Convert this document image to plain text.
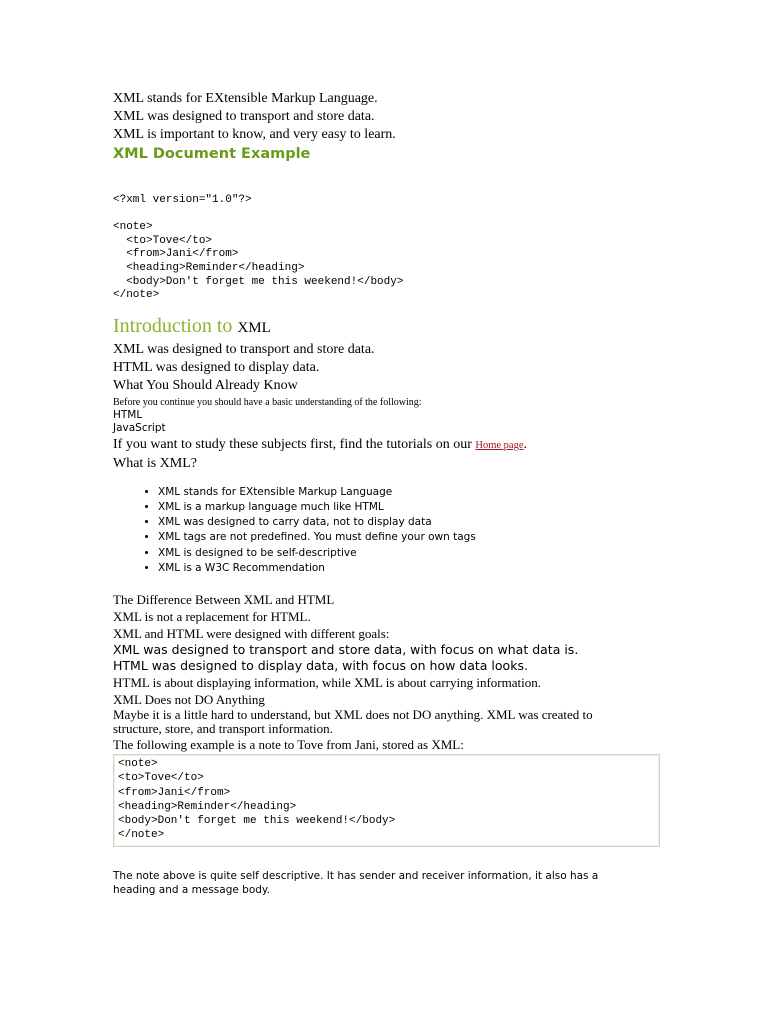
XML stands for EXtensible Markup Language.
XML was designed to transport and store data.
XML is important to know, and very easy to learn.
XML Document Example
<?xml version="1.0"?>

<note>
<to>Tove</to>
<from>Jani</from>
<heading>Reminder</heading>
<body>Don't forget me this weekend!</body>
</note>
Introduction to XML
XML was designed to transport and store data.
HTML was designed to display data.
What You Should Already Know
Before you continue you should have a basic understanding of the following:
HTML
JavaScript
If you want to study these subjects first, find the tutorials on our Home page.
What is XML?
• XML stands for EXtensible Markup Language
• XML is a markup language much like HTML
• XML was designed to carry data, not to display data
• XML tags are not predefined. You must define your own tags
• XML is designed to be self-descriptive
• XML is a W3C Recommendation
The Difference Between XML and HTML
XML is not a replacement for HTML.
XML and HTML were designed with different goals:
XML was designed to transport and store data, with focus on what data is.
HTML was designed to display data, with focus on how data looks.
HTML is about displaying information, while XML is about carrying information.
XML Does not DO Anything
Maybe it is a little hard to understand, but XML does not DO anything. XML was created to structure, store, and transport information.
The following example is a note to Tove from Jani, stored as XML:
<note>
<to>Tove</to>
<from>Jani</from>
<heading>Reminder</heading>
<body>Don't forget me this weekend!</body>
</note>
The note above is quite self descriptive. It has sender and receiver information, it also has a heading and a message body.
